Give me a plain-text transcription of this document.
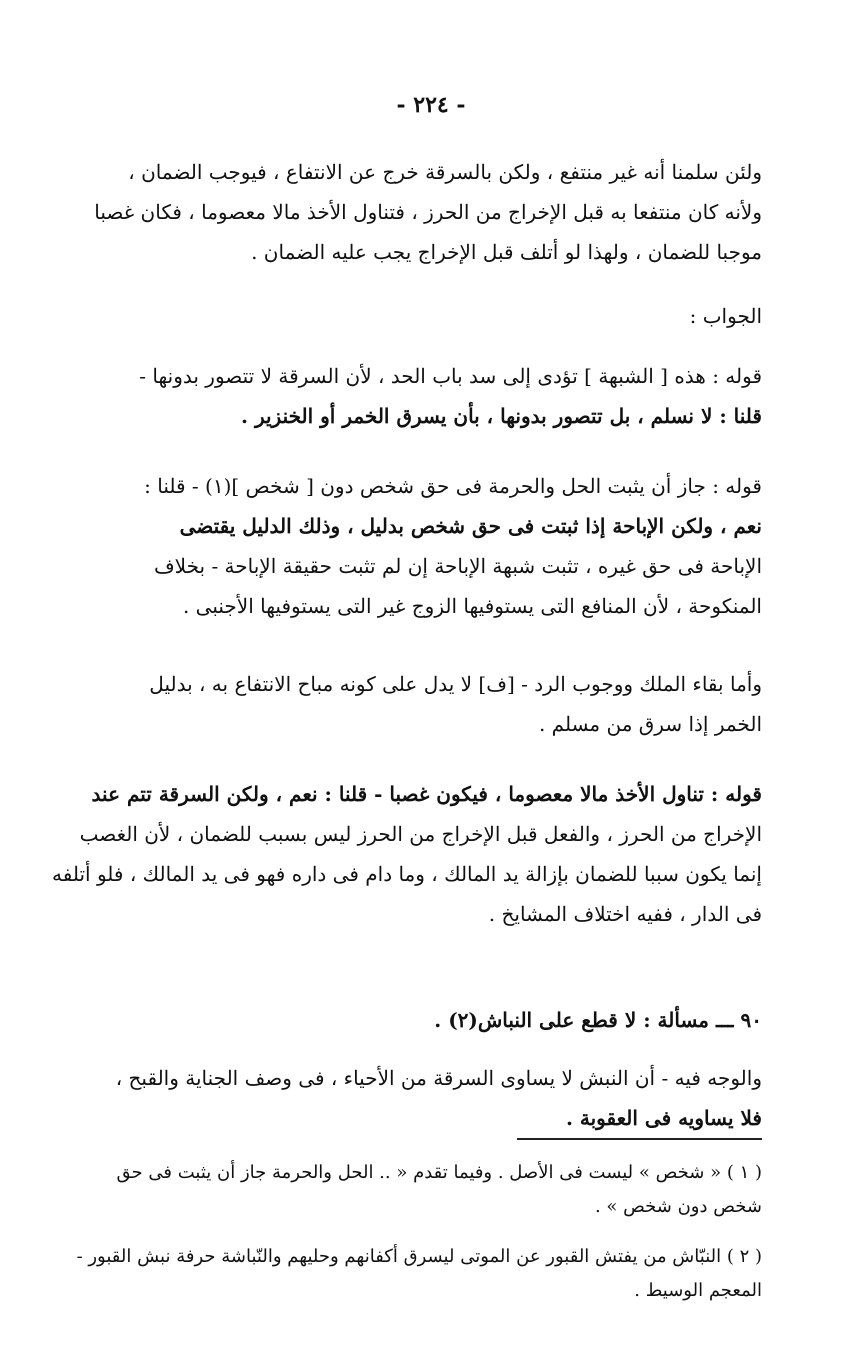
- ٢٢٤ -
ولئن سلمنا أنه غير منتفع ، ولكن بالسرقة خرج عن الانتفاع ، فيوجب الضمان ،
ولأنه كان منتفعا به قبل الإخراج من الحرز ، فتناول الأخذ مالا معصوما ، فكان غصبا
موجبا للضمان ، ولهذا لو أتلف قبل الإخراج يجب عليه الضمان .
الجواب :
قوله : هذه [ الشبهة ] تؤدى إلى سد باب الحد ، لأن السرقة لا تتصور بدونها -
قلنا : لا نسلم ، بل تتصور بدونها ، بأن يسرق الخمر أو الخنزير .
قوله : جاز أن يثبت الحل والحرمة فى حق شخص دون [ شخص ](١) - قلنا :
نعم ، ولكن الإباحة إذا ثبتت فى حق شخص بدليل ، وذلك الدليل يقتضى
الإباحة فى حق غيره ، تثبت شبهة الإباحة إن لم تثبت حقيقة الإباحة - بخلاف
المنكوحة ، لأن المنافع التى يستوفيها الزوج غير التى يستوفيها الأجنبى .
وأما بقاء الملك ووجوب الرد - [ف] لا يدل على كونه مباح الانتفاع به ، بدليل
الخمر إذا سرق من مسلم .
قوله : تناول الأخذ مالا معصوما ، فيكون غصبا - قلنا : نعم ، ولكن السرقة تتم عند
الإخراج من الحرز ، والفعل قبل الإخراج من الحرز ليس بسبب للضمان ، لأن الغصب
إنما يكون سببا للضمان بإزالة يد المالك ، وما دام فى داره فهو فى يد المالك ، فلو أتلفه
فى الدار ، ففيه اختلاف المشايخ .
٩٠ ـــ مسألة : لا قطع على النباش(٢) .
والوجه فيه - أن النبش لا يساوى السرقة من الأحياء ، فى وصف الجناية والقبح ،
فلا يساويه فى العقوبة .
( ١ ) « شخص » ليست فى الأصل . وفيما تقدم « .. الحل والحرمة جاز أن يثبت فى حق
شخص دون شخص » .
( ٢ ) النبّاش من يفتش القبور عن الموتى ليسرق أكفانهم وحليهم والنّباشة حرفة نبش القبور -
المعجم الوسيط .
